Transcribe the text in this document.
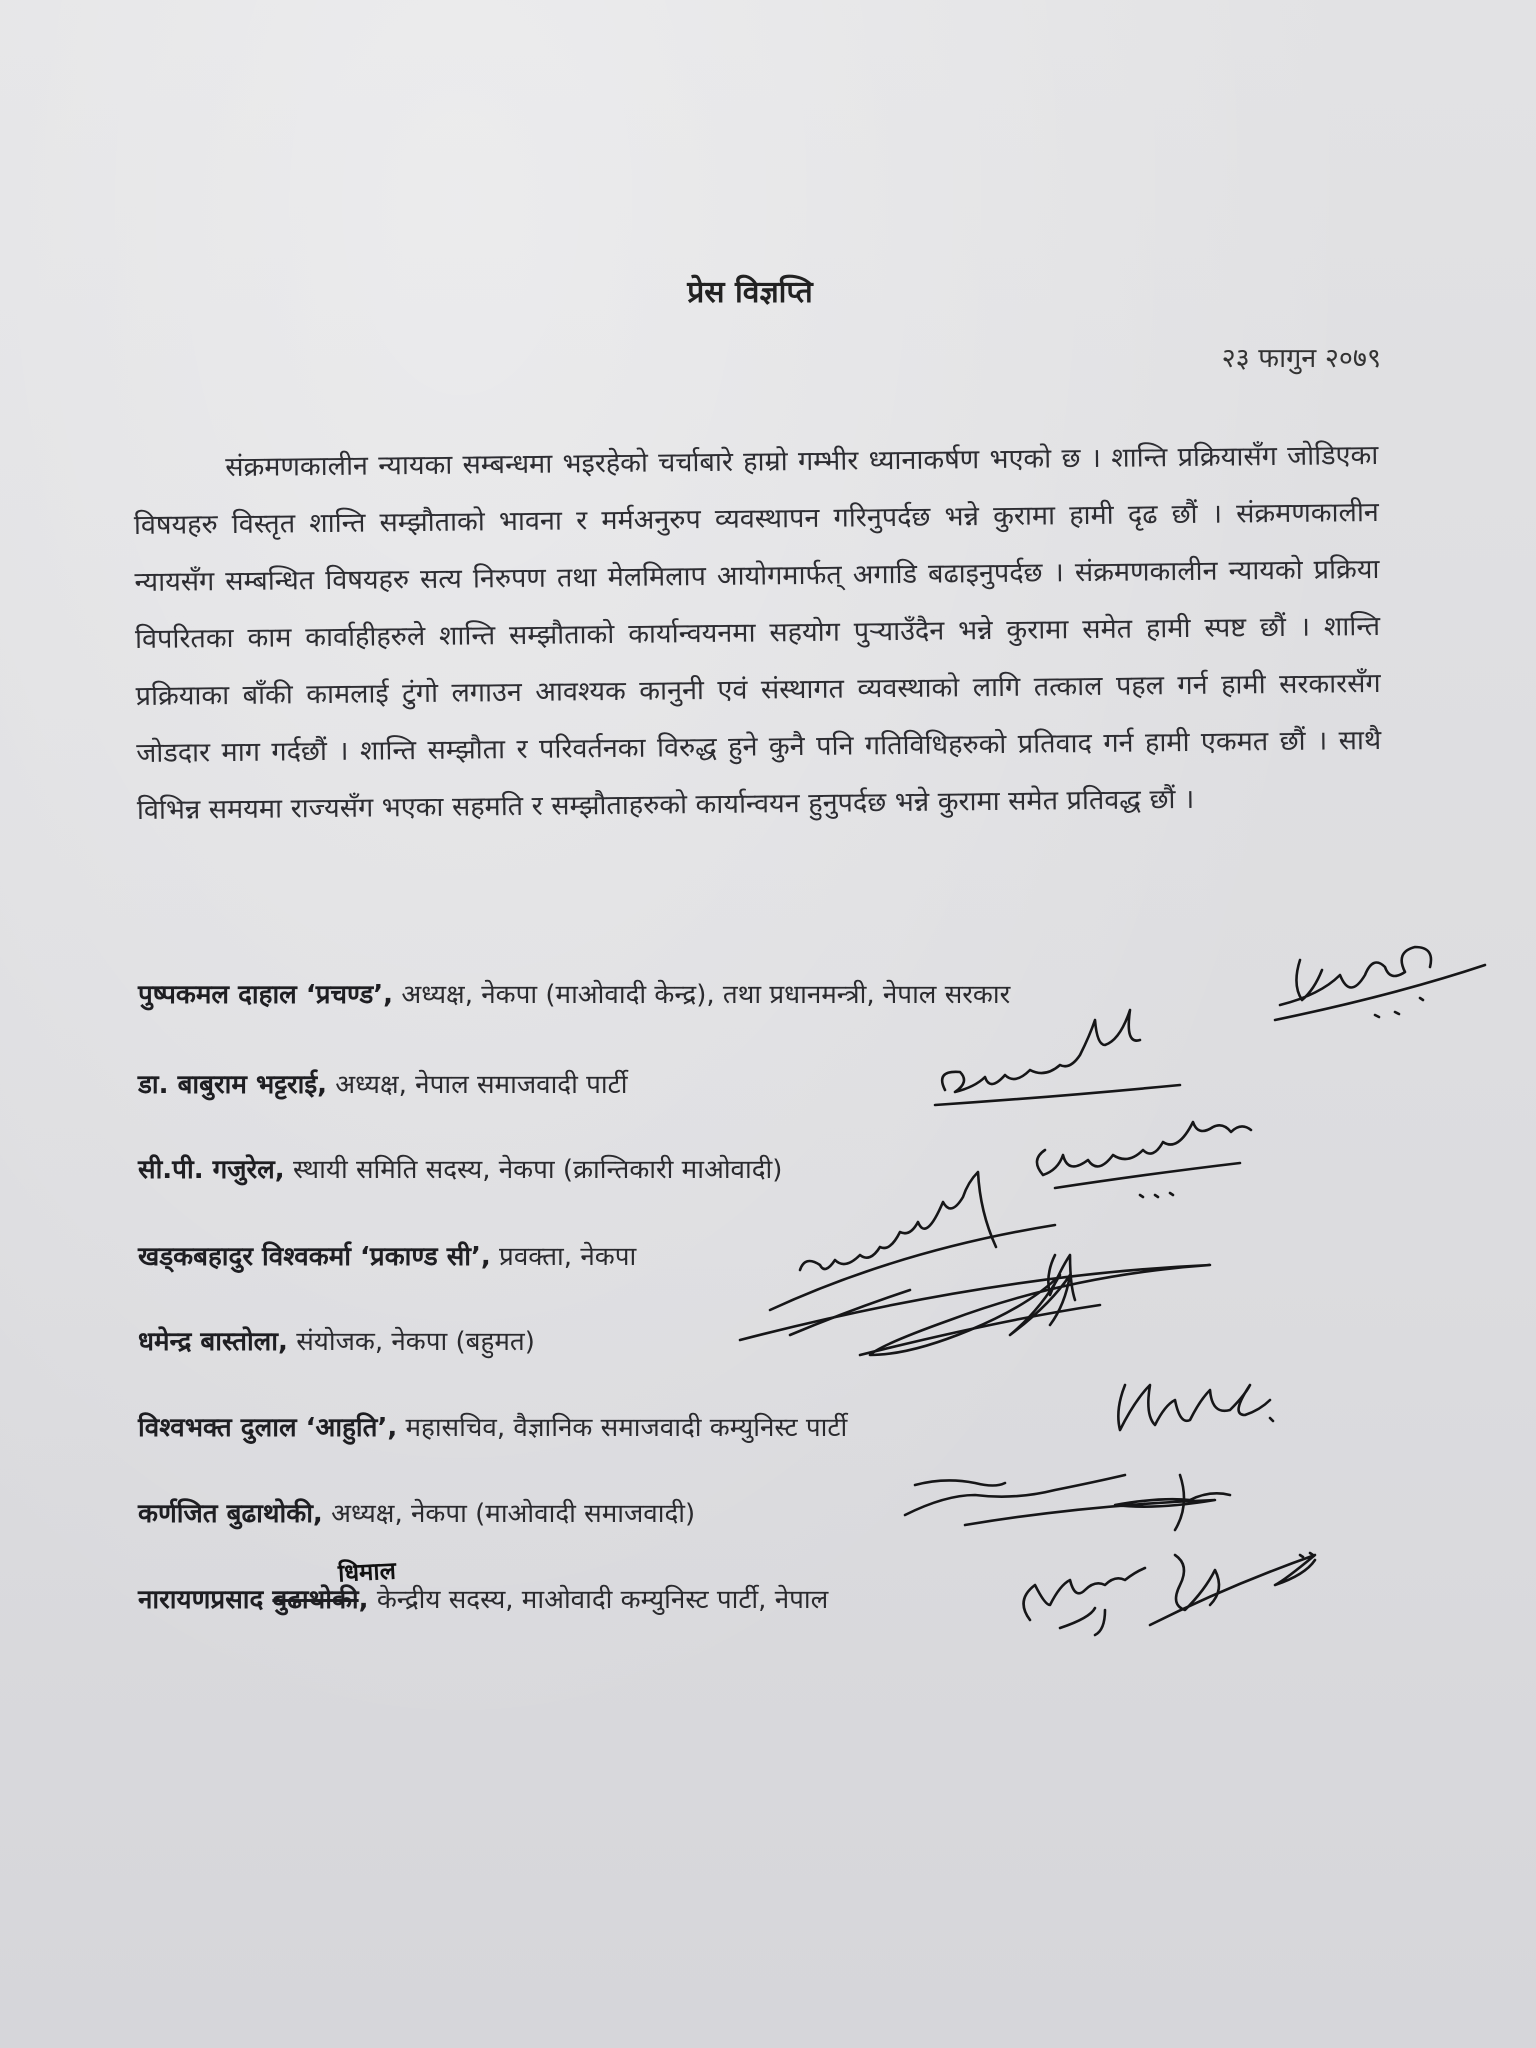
प्रेस विज्ञप्ति
२३ फागुन २०७९
संक्रमणकालीन न्यायका सम्बन्धमा भइरहेको चर्चाबारे हाम्रो गम्भीर ध्यानाकर्षण भएको छ । शान्ति प्रक्रियासँग जोडिएका विषयहरु विस्तृत शान्ति सम्झौताको भावना र मर्मअनुरुप व्यवस्थापन गरिनुपर्दछ भन्ने कुरामा हामी दृढ छौं । संक्रमणकालीन न्यायसँग सम्बन्धित विषयहरु सत्य निरुपण तथा मेलमिलाप आयोगमार्फत् अगाडि बढाइनुपर्दछ । संक्रमणकालीन न्यायको प्रक्रिया विपरितका काम कार्वाहीहरुले शान्ति सम्झौताको कार्यान्वयनमा सहयोग पुऱ्याउँदैन भन्ने कुरामा समेत हामी स्पष्ट छौं । शान्ति प्रक्रियाका बाँकी कामलाई टुंगो लगाउन आवश्यक कानुनी एवं संस्थागत व्यवस्थाको लागि तत्काल पहल गर्न हामी सरकारसँग जोडदार माग गर्दछौं । शान्ति सम्झौता र परिवर्तनका विरुद्ध हुने कुनै पनि गतिविधिहरुको प्रतिवाद गर्न हामी एकमत छौं । साथै विभिन्न समयमा राज्यसँग भएका सहमति र सम्झौताहरुको कार्यान्वयन हुनुपर्दछ भन्ने कुरामा समेत प्रतिवद्ध छौं ।
पुष्पकमल दाहाल ‘प्रचण्ड’, अध्यक्ष, नेकपा (माओवादी केन्द्र), तथा प्रधानमन्त्री, नेपाल सरकार
डा. बाबुराम भट्टराई, अध्यक्ष, नेपाल समाजवादी पार्टी
सी.पी. गजुरेल, स्थायी समिति सदस्य, नेकपा (क्रान्तिकारी माओवादी)
खड्कबहादुर विश्वकर्मा ‘प्रकाण्ड सी’, प्रवक्ता, नेकपा
धमेन्द्र बास्तोला, संयोजक, नेकपा (बहुमत)
विश्वभक्त दुलाल ‘आहुति’, महासचिव, वैज्ञानिक समाजवादी कम्युनिस्ट पार्टी
कर्णजित बुढाथोकी, अध्यक्ष, नेकपा (माओवादी समाजवादी)
नारायणप्रसाद बुढाथोकी, केन्द्रीय सदस्य, माओवादी कम्युनिस्ट पार्टी, नेपाल
धिमाल
